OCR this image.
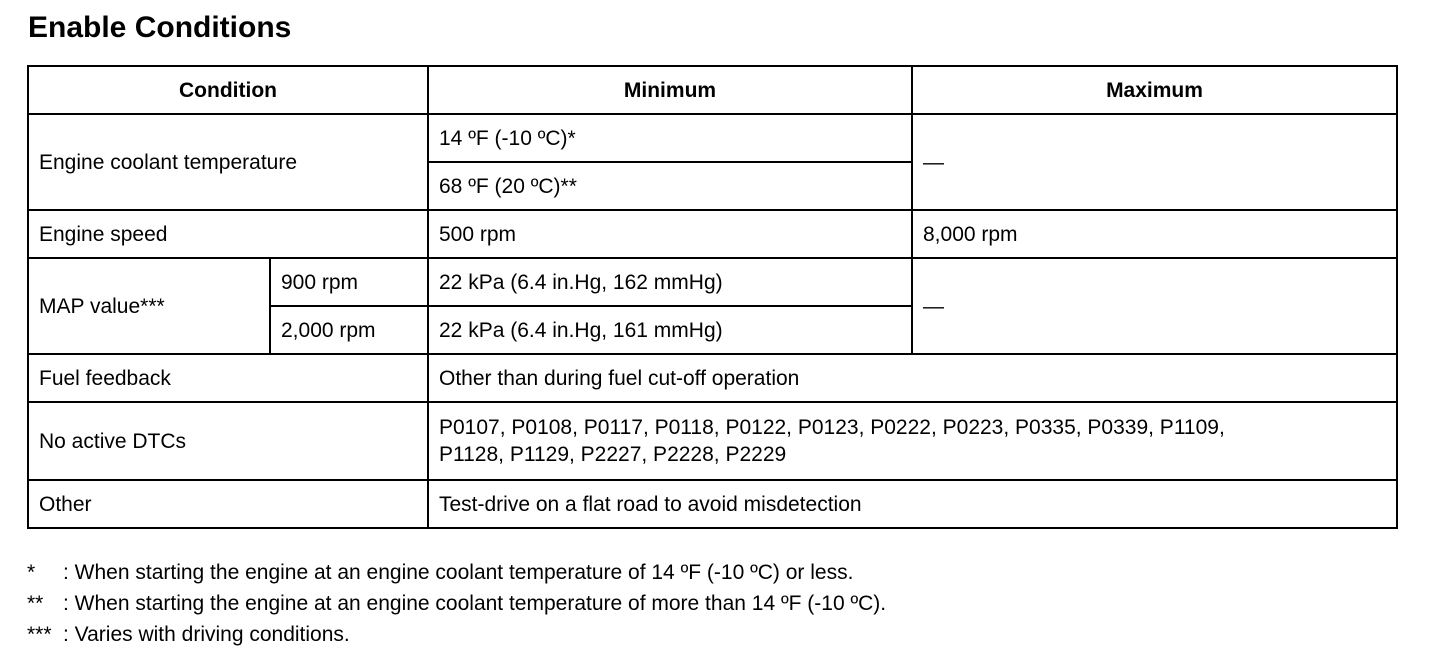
Enable Conditions
Condition		Minimum	Maximum
Engine coolant temperature		14 ºF (-10 ºC)*	—
		68 ºF (20 ºC)**	
Engine speed		500 rpm	8,000 rpm
MAP value***	900 rpm	22 kPa (6.4 in.Hg, 162 mmHg)	—
	2,000 rpm	22 kPa (6.4 in.Hg, 161 mmHg)	
Fuel feedback		Other than during fuel cut-off operation	
No active DTCs		P0107, P0108, P0117, P0118, P0122, P0123, P0222, P0223, P0335, P0339, P1109,
P1128, P1129, P2227, P2228, P2229	

Other		Test-drive on a flat road to avoid misdetection	
*	: When starting the engine at an engine coolant temperature of 14 ºF (-10 ºC) or less.
** : When starting the engine at an engine coolant temperature of more than 14 ºF (-10 ºC).
*** : Varies with driving conditions.
